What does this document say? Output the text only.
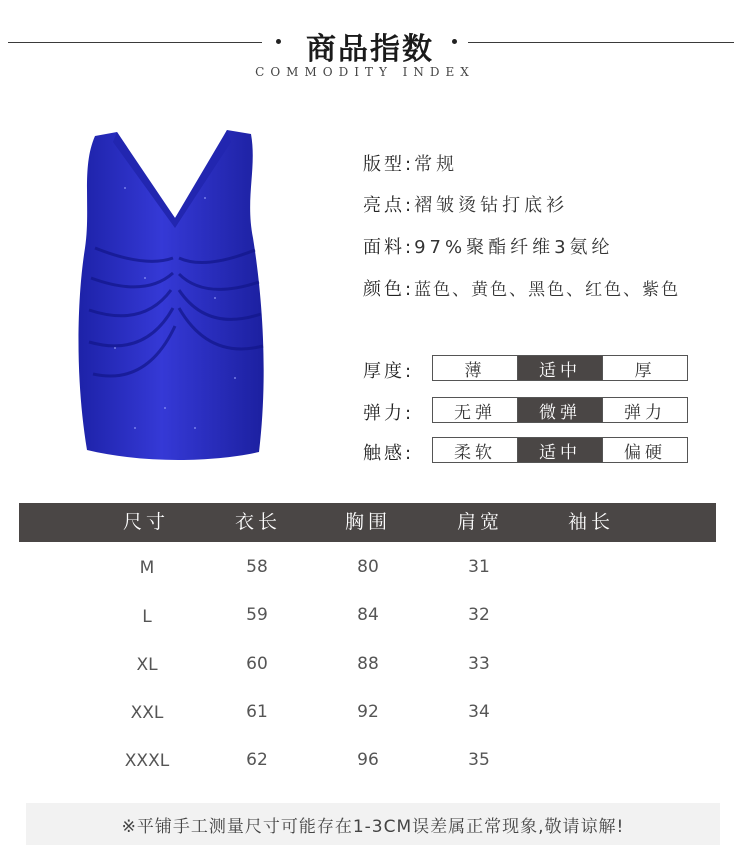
商品指数
COMMODITY INDEX
版型:常规
亮点:褶皱烫钻打底衫
面料:97%聚酯纤维3氨纶
颜色:蓝色、黄色、黑色、红色、紫色
厚度:	薄	适中	厚
弹力:	无弹	微弹	弹力
触感:	柔软	适中	偏硬
尺寸	衣长	胸围	肩宽	袖长
M	58	80	31
L	59	84	32
XL	60	88	33
XXL	61	92	34
XXXL	62	96	35
※平铺手工测量尺寸可能存在1-3CM误差属正常现象,敬请谅解!
